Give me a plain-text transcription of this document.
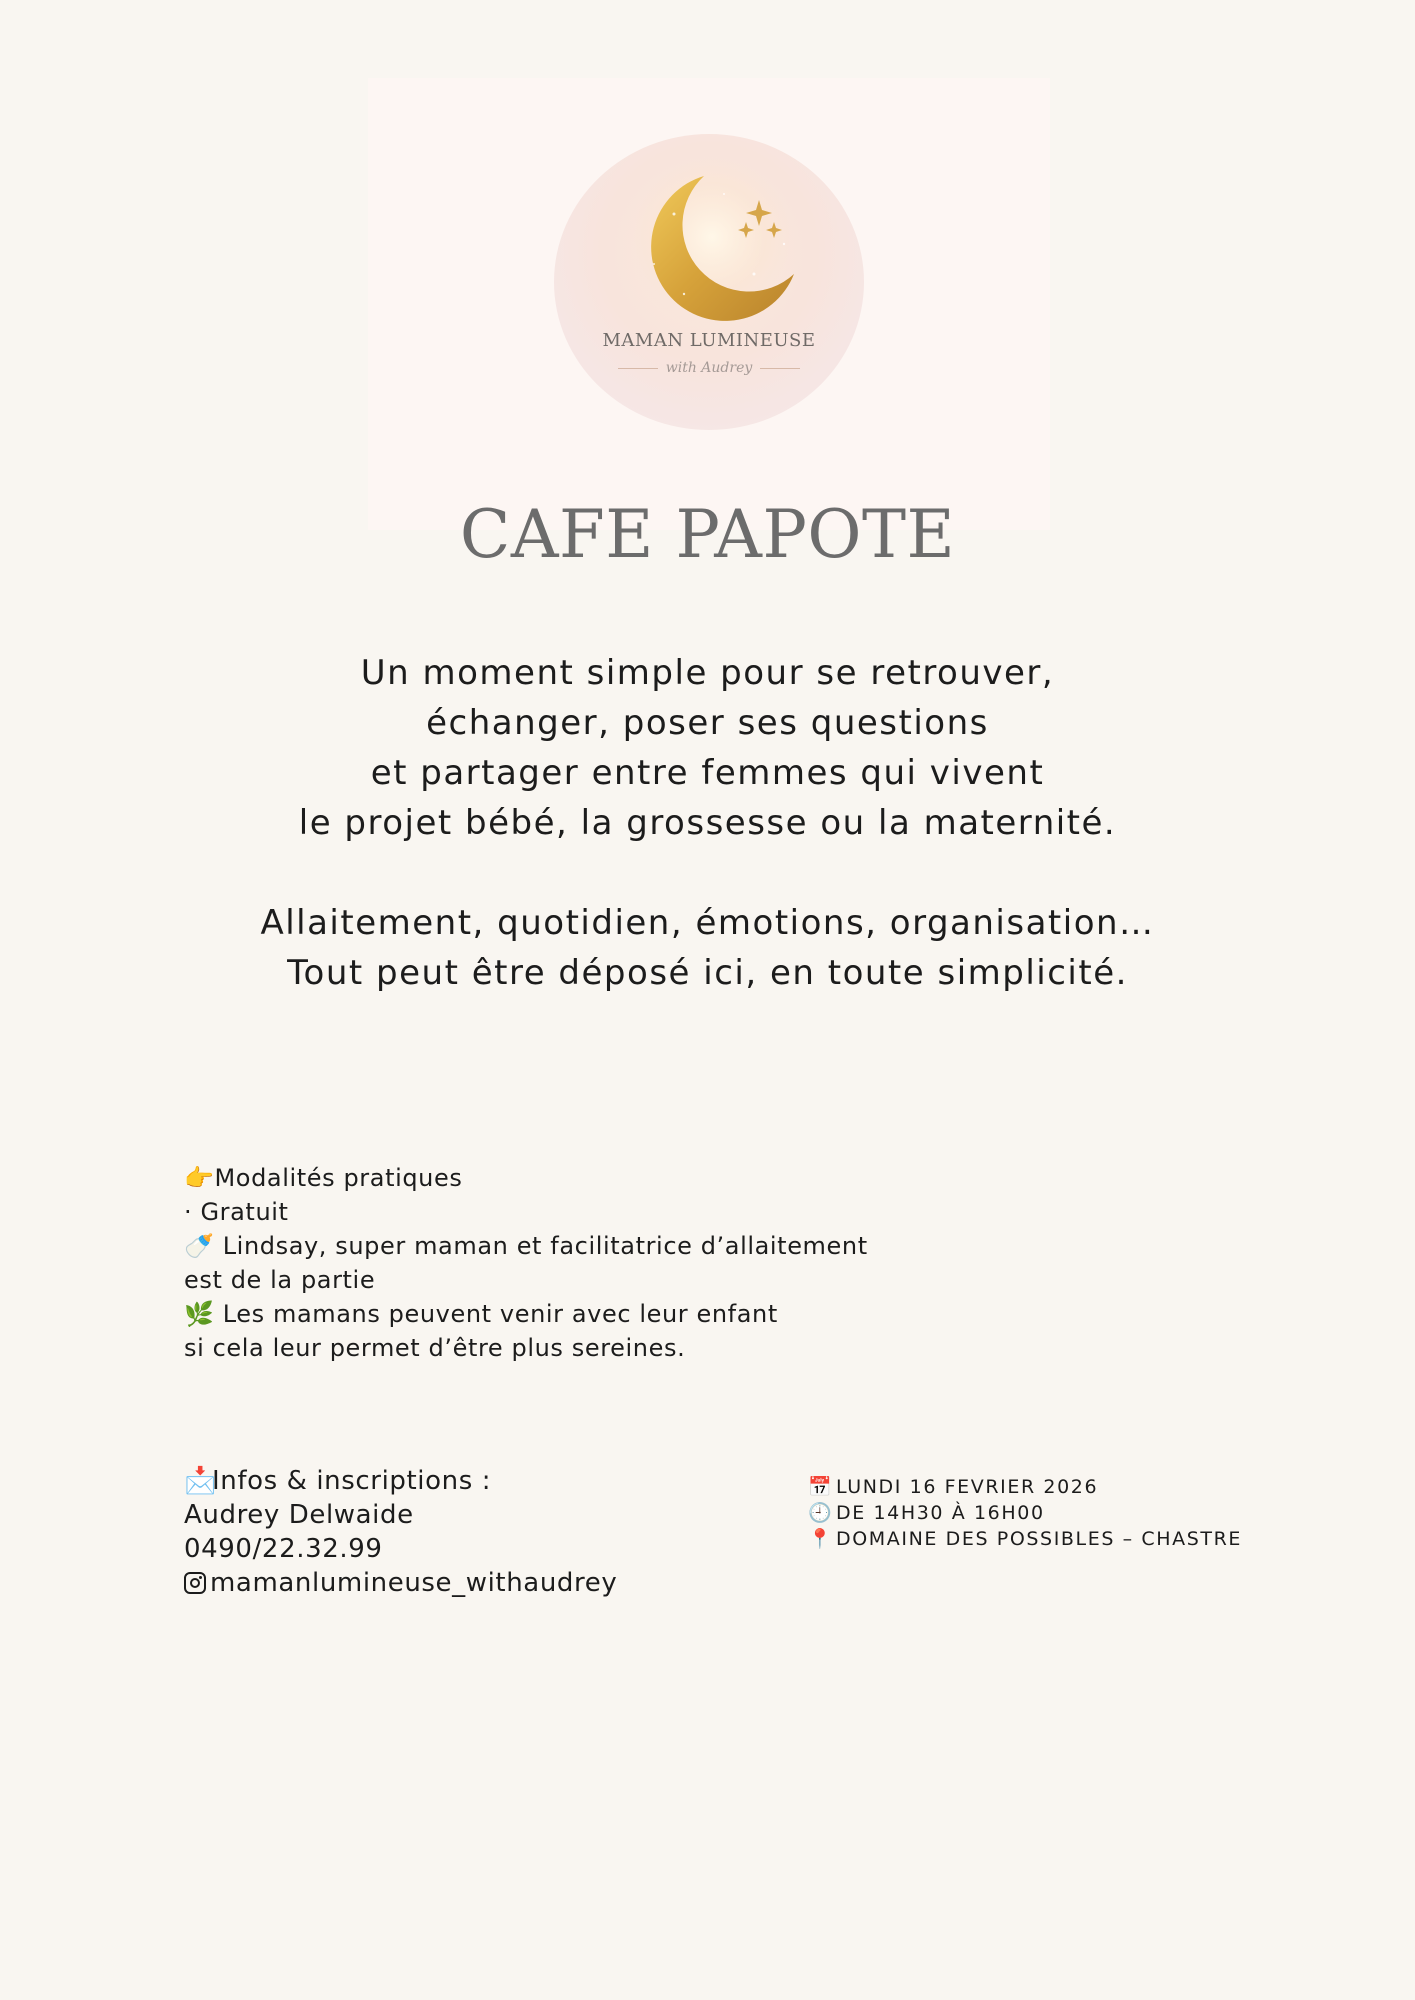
MAMAN LUMINEUSE
with Audrey
CAFE PAPOTE
Un moment simple pour se retrouver,
échanger, poser ses questions
et partager entre femmes qui vivent
le projet bébé, la grossesse ou la maternité.
Allaitement, quotidien, émotions, organisation…
Tout peut être déposé ici, en toute simplicité.
👉 Modalités pratiques
· Gratuit
🍼 Lindsay, super maman et facilitatrice d’allaitement
est de la partie
🌿 Les mamans peuvent venir avec leur enfant
si cela leur permet d’être plus sereines.
📩
Infos & inscriptions :
Audrey Delwaide
0490/22.32.99
mamanlumineuse_withaudrey
📅 LUNDI 16 FEVRIER 2026
🕘 DE 14H30 À 16H00
📍 DOMAINE DES POSSIBLES – CHASTRE
